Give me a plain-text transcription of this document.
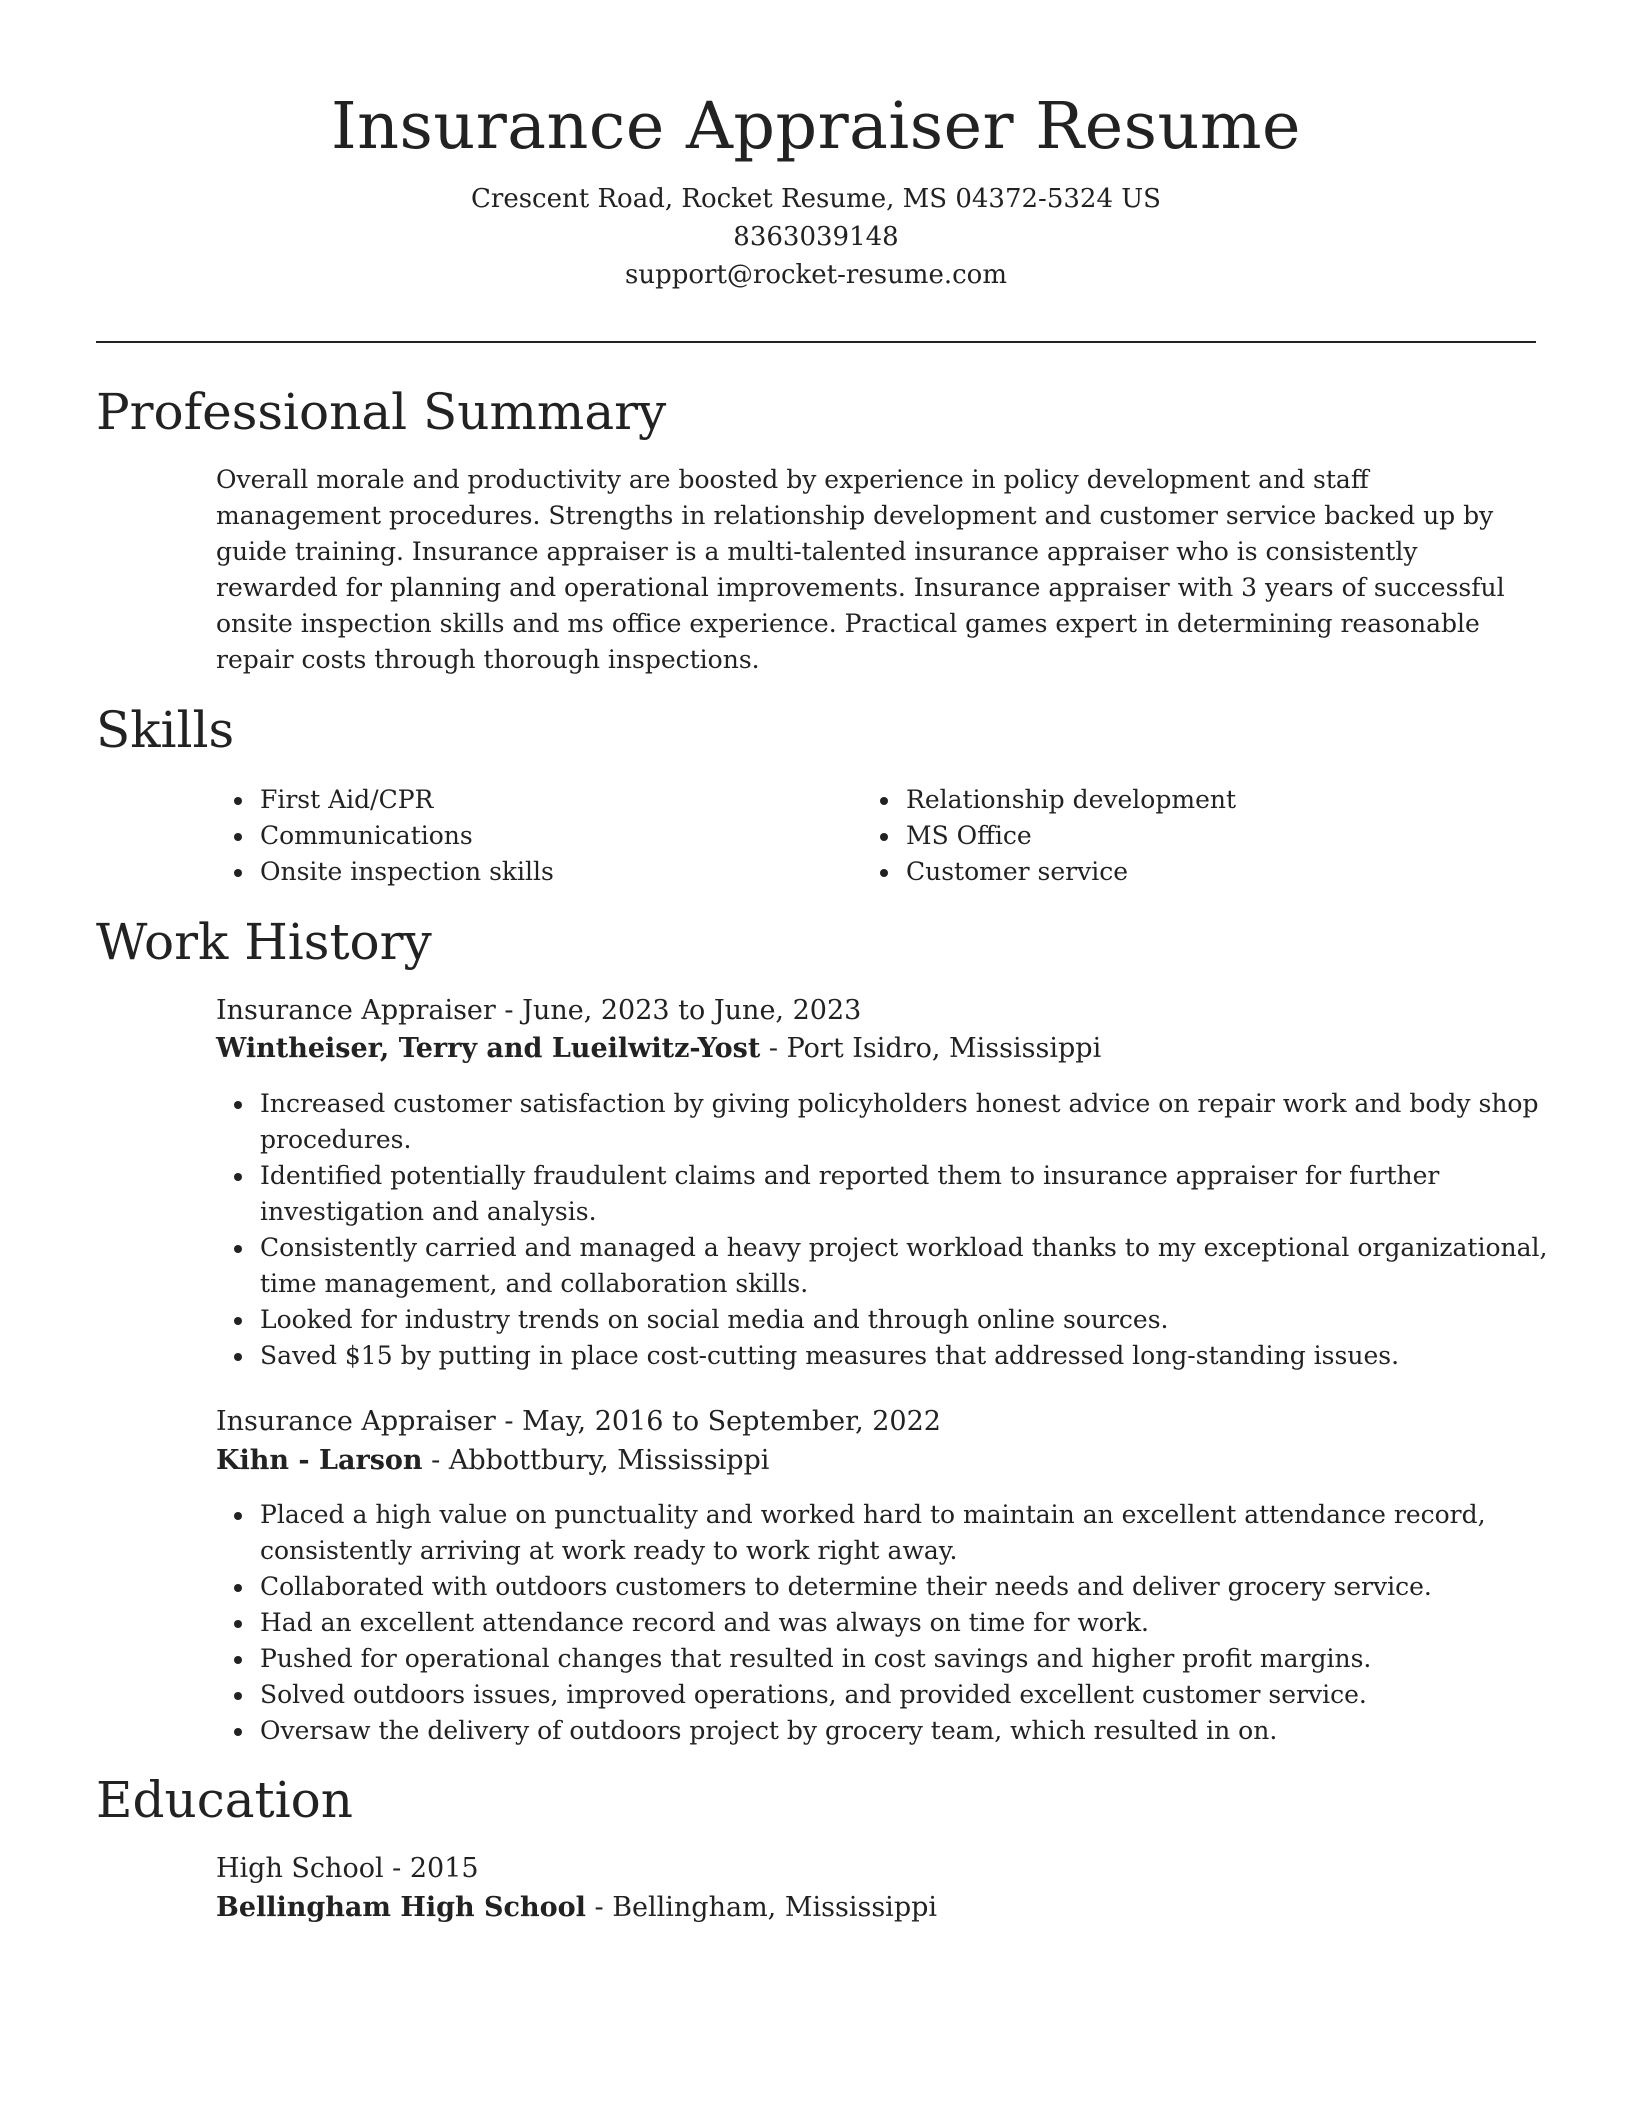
Insurance Appraiser Resume

Crescent Road, Rocket Resume, MS 04372-5324 US

8363039148

support@rocket-resume.com

Professional Summary

Overall morale and productivity are boosted by experience in policy development and staff management procedures. Strengths in relationship development and customer service backed up by guide training. Insurance appraiser is a multi-talented insurance appraiser who is consistently rewarded for planning and operational improvements. Insurance appraiser with 3 years of successful onsite inspection skills and ms office experience. Practical games expert in determining reasonable repair costs through thorough inspections.

Skills
First Aid/CPR
Communications
Onsite inspection skills
Relationship development
MS Office
Customer service
Work History

Insurance Appraiser - June, 2023 to June, 2023

Wintheiser, Terry and Lueilwitz-Yost - Port Isidro, Mississippi

Increased customer satisfaction by giving policyholders honest advice on repair work and body shop procedures.
Identified potentially fraudulent claims and reported them to insurance appraiser for further investigation and analysis.
Consistently carried and managed a heavy project workload thanks to my exceptional organizational, time management, and collaboration skills.
Looked for industry trends on social media and through online sources.
Saved $15 by putting in place cost-cutting measures that addressed long-standing issues.

Insurance Appraiser - May, 2016 to September, 2022

Kihn - Larson - Abbottbury, Mississippi

Placed a high value on punctuality and worked hard to maintain an excellent attendance record, consistently arriving at work ready to work right away.
Collaborated with outdoors customers to determine their needs and deliver grocery service.
Had an excellent attendance record and was always on time for work.
Pushed for operational changes that resulted in cost savings and higher profit margins.
Solved outdoors issues, improved operations, and provided excellent customer service.
Oversaw the delivery of outdoors project by grocery team, which resulted in on.
Education

High School - 2015

Bellingham High School - Bellingham, Mississippi
